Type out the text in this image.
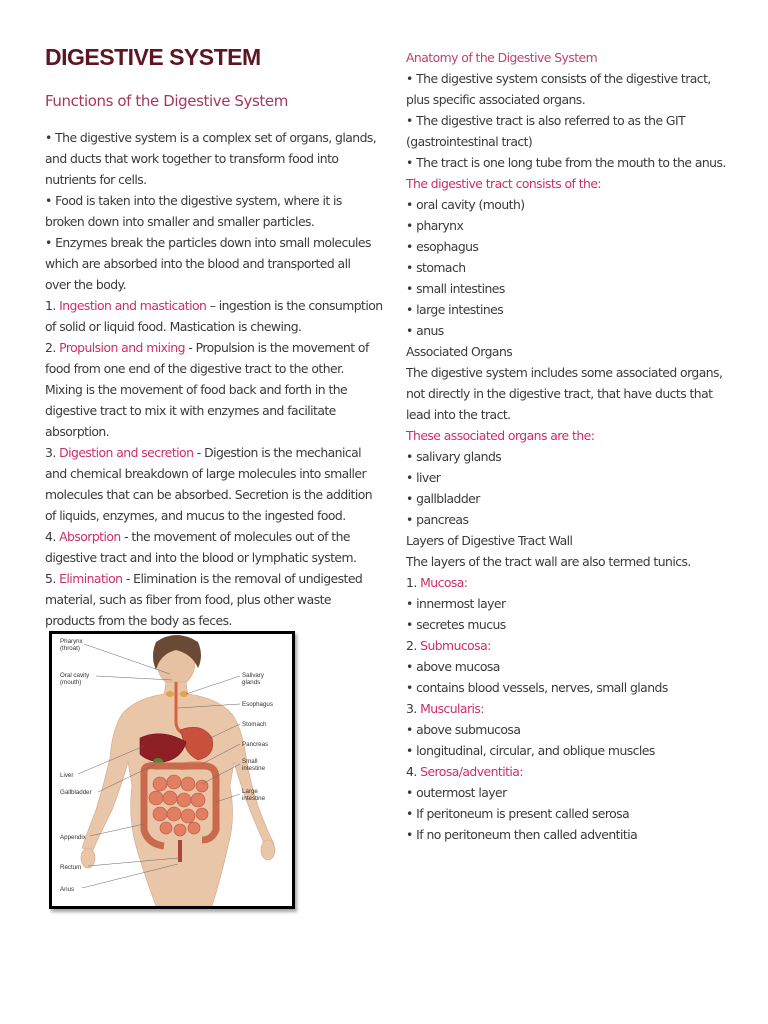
DIGESTIVE SYSTEM
Functions of the Digestive System

• The digestive system is a complex set of organs, glands,

and ducts that work together to transform food into

nutrients for cells.

• Food is taken into the digestive system, where it is

broken down into smaller and smaller particles.

• Enzymes break the particles down into small molecules

which are absorbed into the blood and transported all

over the body.

1. Ingestion and mastication – ingestion is the consumption

of solid or liquid food. Mastication is chewing.

2. Propulsion and mixing - Propulsion is the movement of

food from one end of the digestive tract to the other.

Mixing is the movement of food back and forth in the

digestive tract to mix it with enzymes and facilitate

absorption.

3. Digestion and secretion - Digestion is the mechanical

and chemical breakdown of large molecules into smaller

molecules that can be absorbed. Secretion is the addition

of liquids, enzymes, and mucus to the ingested food.

4. Absorption - the movement of molecules out of the

digestive tract and into the blood or lymphatic system.

5. Elimination - Elimination is the removal of undigested

material, such as fiber from food, plus other waste

products from the body as feces.

Anatomy of the Digestive System

• The digestive system consists of the digestive tract,

plus specific associated organs.

• The digestive tract is also referred to as the GIT

(gastrointestinal tract)

• The tract is one long tube from the mouth to the anus.

The digestive tract consists of the:

• oral cavity (mouth)

• pharynx

• esophagus

• stomach

• small intestines

• large intestines

• anus

Associated Organs

The digestive system includes some associated organs,

not directly in the digestive tract, that have ducts that

lead into the tract.

These associated organs are the:

• salivary glands

• liver

• gallbladder

• pancreas

Layers of Digestive Tract Wall

The layers of the tract wall are also termed tunics.

1. Mucosa:

• innermost layer

• secretes mucus

2. Submucosa:

• above mucosa

• contains blood vessels, nerves, small glands

3. Muscularis:

• above submucosa

• longitudinal, circular, and oblique muscles

4. Serosa/adventitia:

• outermost layer

• If peritoneum is present called serosa

• If no peritoneum then called adventitia

Pharynx
(throat)
Oral cavity
(mouth)
Liver
Gallbladder
Appendix
Rectum
Anus
Salivary
glands
Esophagus
Stomach
Pancreas
Small
intestine
Large
intestine
